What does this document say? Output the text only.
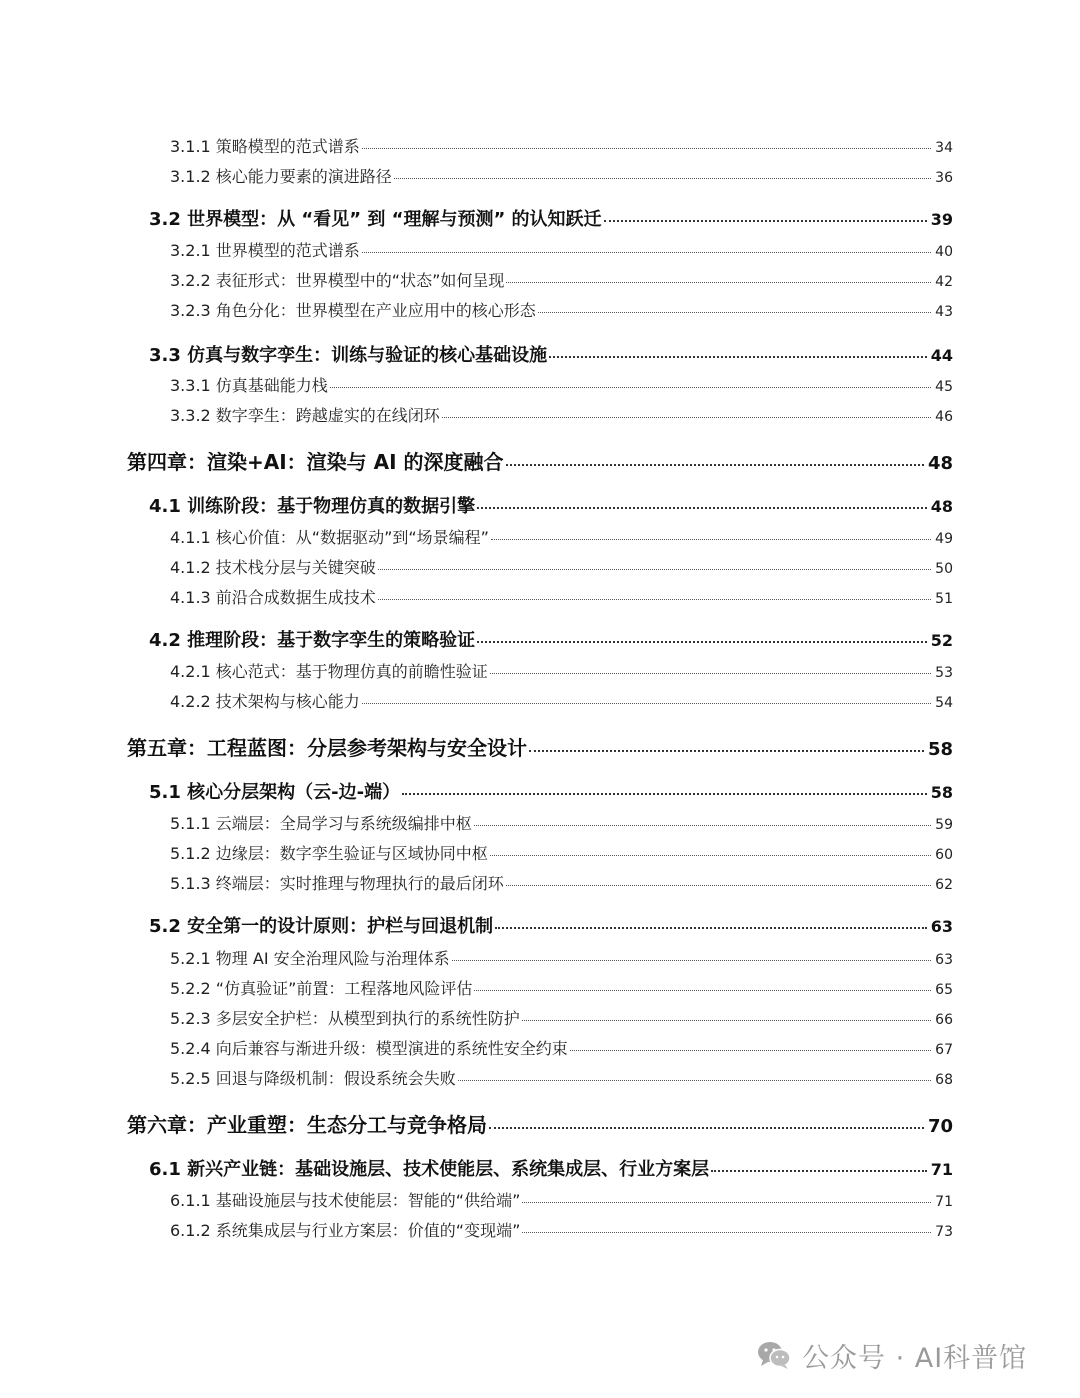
3.1.1 策略模型的范式谱系	34
3.1.2 核心能力要素的演进路径	36
3.2 世界模型：从 “看见” 到 “理解与预测” 的认知跃迁	39
3.2.1 世界模型的范式谱系	40
3.2.2 表征形式：世界模型中的“状态”如何呈现	42
3.2.3 角色分化：世界模型在产业应用中的核心形态	43
3.3 仿真与数字孪生：训练与验证的核心基础设施	44
3.3.1 仿真基础能力栈	45
3.3.2 数字孪生：跨越虚实的在线闭环	46
第四章：渲染+AI：渲染与 AI 的深度融合	48
4.1 训练阶段：基于物理仿真的数据引擎	48
4.1.1 核心价值：从“数据驱动”到“场景编程”	49
4.1.2 技术栈分层与关键突破	50
4.1.3 前沿合成数据生成技术	51
4.2 推理阶段：基于数字孪生的策略验证	52
4.2.1 核心范式：基于物理仿真的前瞻性验证	53
4.2.2 技术架构与核心能力	54
第五章：工程蓝图：分层参考架构与安全设计	58
5.1 核心分层架构（云-边-端）	58
5.1.1 云端层：全局学习与系统级编排中枢	59
5.1.2 边缘层：数字孪生验证与区域协同中枢	60
5.1.3 终端层：实时推理与物理执行的最后闭环	62
5.2 安全第一的设计原则：护栏与回退机制	63
5.2.1 物理 AI 安全治理风险与治理体系	63
5.2.2 “仿真验证”前置：工程落地风险评估	65
5.2.3 多层安全护栏：从模型到执行的系统性防护	66
5.2.4 向后兼容与渐进升级：模型演进的系统性安全约束	67
5.2.5 回退与降级机制：假设系统会失败	68
第六章：产业重塑：生态分工与竞争格局	70
6.1 新兴产业链：基础设施层、技术使能层、系统集成层、行业方案层	71
6.1.1 基础设施层与技术使能层：智能的“供给端”	71
6.1.2 系统集成层与行业方案层：价值的“变现端”	73
公众号 · AI科普馆
